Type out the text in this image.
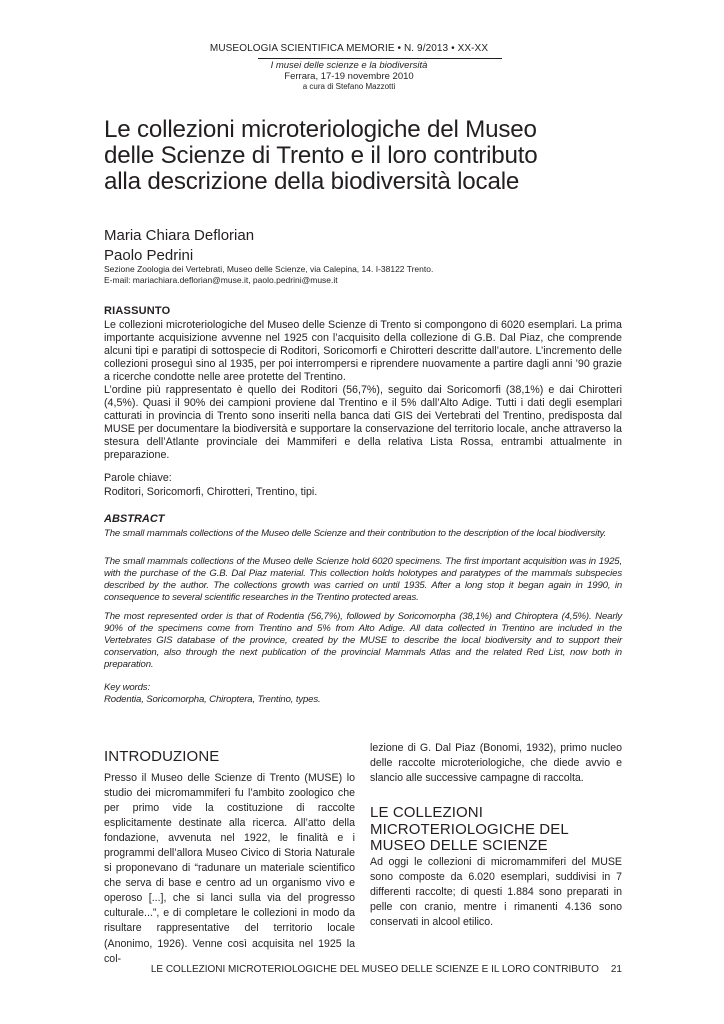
MUSEOLOGIA SCIENTIFICA MEMORIE • N. 9/2013 • XX-XX
I musei delle scienze e la biodiversità
Ferrara, 17-19 novembre 2010
a cura di Stefano Mazzotti
Le collezioni microteriologiche del Museo delle Scienze di Trento e il loro contributo alla descrizione della biodiversità locale
Maria Chiara Deflorian
Paolo Pedrini
Sezione Zoologia dei Vertebrati, Museo delle Scienze, via Calepina, 14. I-38122 Trento.
E-mail: mariachiara.deflorian@muse.it, paolo.pedrini@muse.it
RIASSUNTO
Le collezioni microteriologiche del Museo delle Scienze di Trento si compongono di 6020 esemplari. La prima importante acquisizione avvenne nel 1925 con l’acquisito della collezione di G.B. Dal Piaz, che comprende alcuni tipi e paratipi di sottospecie di Roditori, Soricomorfi e Chirotteri descritte dall’autore. L’incremento delle collezioni proseguì sino al 1935, per poi interrompersi e riprendere nuovamente a partire dagli anni ’90 grazie a ricerche condotte nelle aree protette del Trentino.
L’ordine più rappresentato è quello dei Roditori (56,7%), seguito dai Soricomorfi (38,1%) e dai Chirotteri (4,5%). Quasi il 90% dei campioni proviene dal Trentino e il 5% dall’Alto Adige. Tutti i dati degli esemplari catturati in provincia di Trento sono inseriti nella banca dati GIS dei Vertebrati del Trentino, predisposta dal MUSE per documentare la biodiversità e supportare la conservazione del territorio locale, anche attraverso la stesura dell’Atlante provinciale dei Mammiferi e della relativa Lista Rossa, entrambi attualmente in preparazione.
Parole chiave:
Roditori, Soricomorfi, Chirotteri, Trentino, tipi.
ABSTRACT
The small mammals collections of the Museo delle Scienze and their contribution to the description of the local biodiversity.
The small mammals collections of the Museo delle Scienze hold 6020 specimens. The first important acquisition was in 1925, with the purchase of the G.B. Dal Piaz material. This collection holds holotypes and paratypes of the mammals subspecies described by the author. The collections growth was carried on until 1935. After a long stop it began again in 1990, in consequence to several scientific researches in the Trentino protected areas.
The most represented order is that of Rodentia (56,7%), followed by Soricomorpha (38,1%) and Chiroptera (4,5%). Nearly 90% of the specimens come from Trentino and 5% from Alto Adige. All data collected in Trentino are included in the Vertebrates GIS database of the province, created by the MUSE to describe the local biodiversity and to support their conservation, also through the next publication of the provincial Mammals Atlas and the related Red List, now both in preparation.
Key words:
Rodentia, Soricomorpha, Chiroptera, Trentino, types.
INTRODUZIONE
Presso il Museo delle Scienze di Trento (MUSE) lo studio dei micromammiferi fu l’ambito zoologico che per primo vide la costituzione di raccolte esplicitamente destinate alla ricerca. All’atto della fondazione, avvenuta nel 1922, le finalità e i programmi dell’allora Museo Civico di Storia Naturale si proponevano di “radunare un materiale scientifico che serva di base e centro ad un organismo vivo e operoso [...], che si lanci sulla via del progresso culturale...”, e di completare le collezioni in modo da risultare rappresentative del territorio locale (Anonimo, 1926). Venne così acquisita nel 1925 la col-
lezione di G. Dal Piaz (Bonomi, 1932), primo nucleo delle raccolte microteriologiche, che diede avvio e slancio alle successive campagne di raccolta.
LE COLLEZIONI MICROTERIOLOGICHE DEL MUSEO DELLE SCIENZE
Ad oggi le collezioni di micromammiferi del MUSE sono composte da 6.020 esemplari, suddivisi in 7 differenti raccolte; di questi 1.884 sono preparati in pelle con cranio, mentre i rimanenti 4.136 sono conservati in alcool etilico.
LE COLLEZIONI MICROTERIOLOGICHE DEL MUSEO DELLE SCIENZE E IL LORO CONTRIBUTO 21
